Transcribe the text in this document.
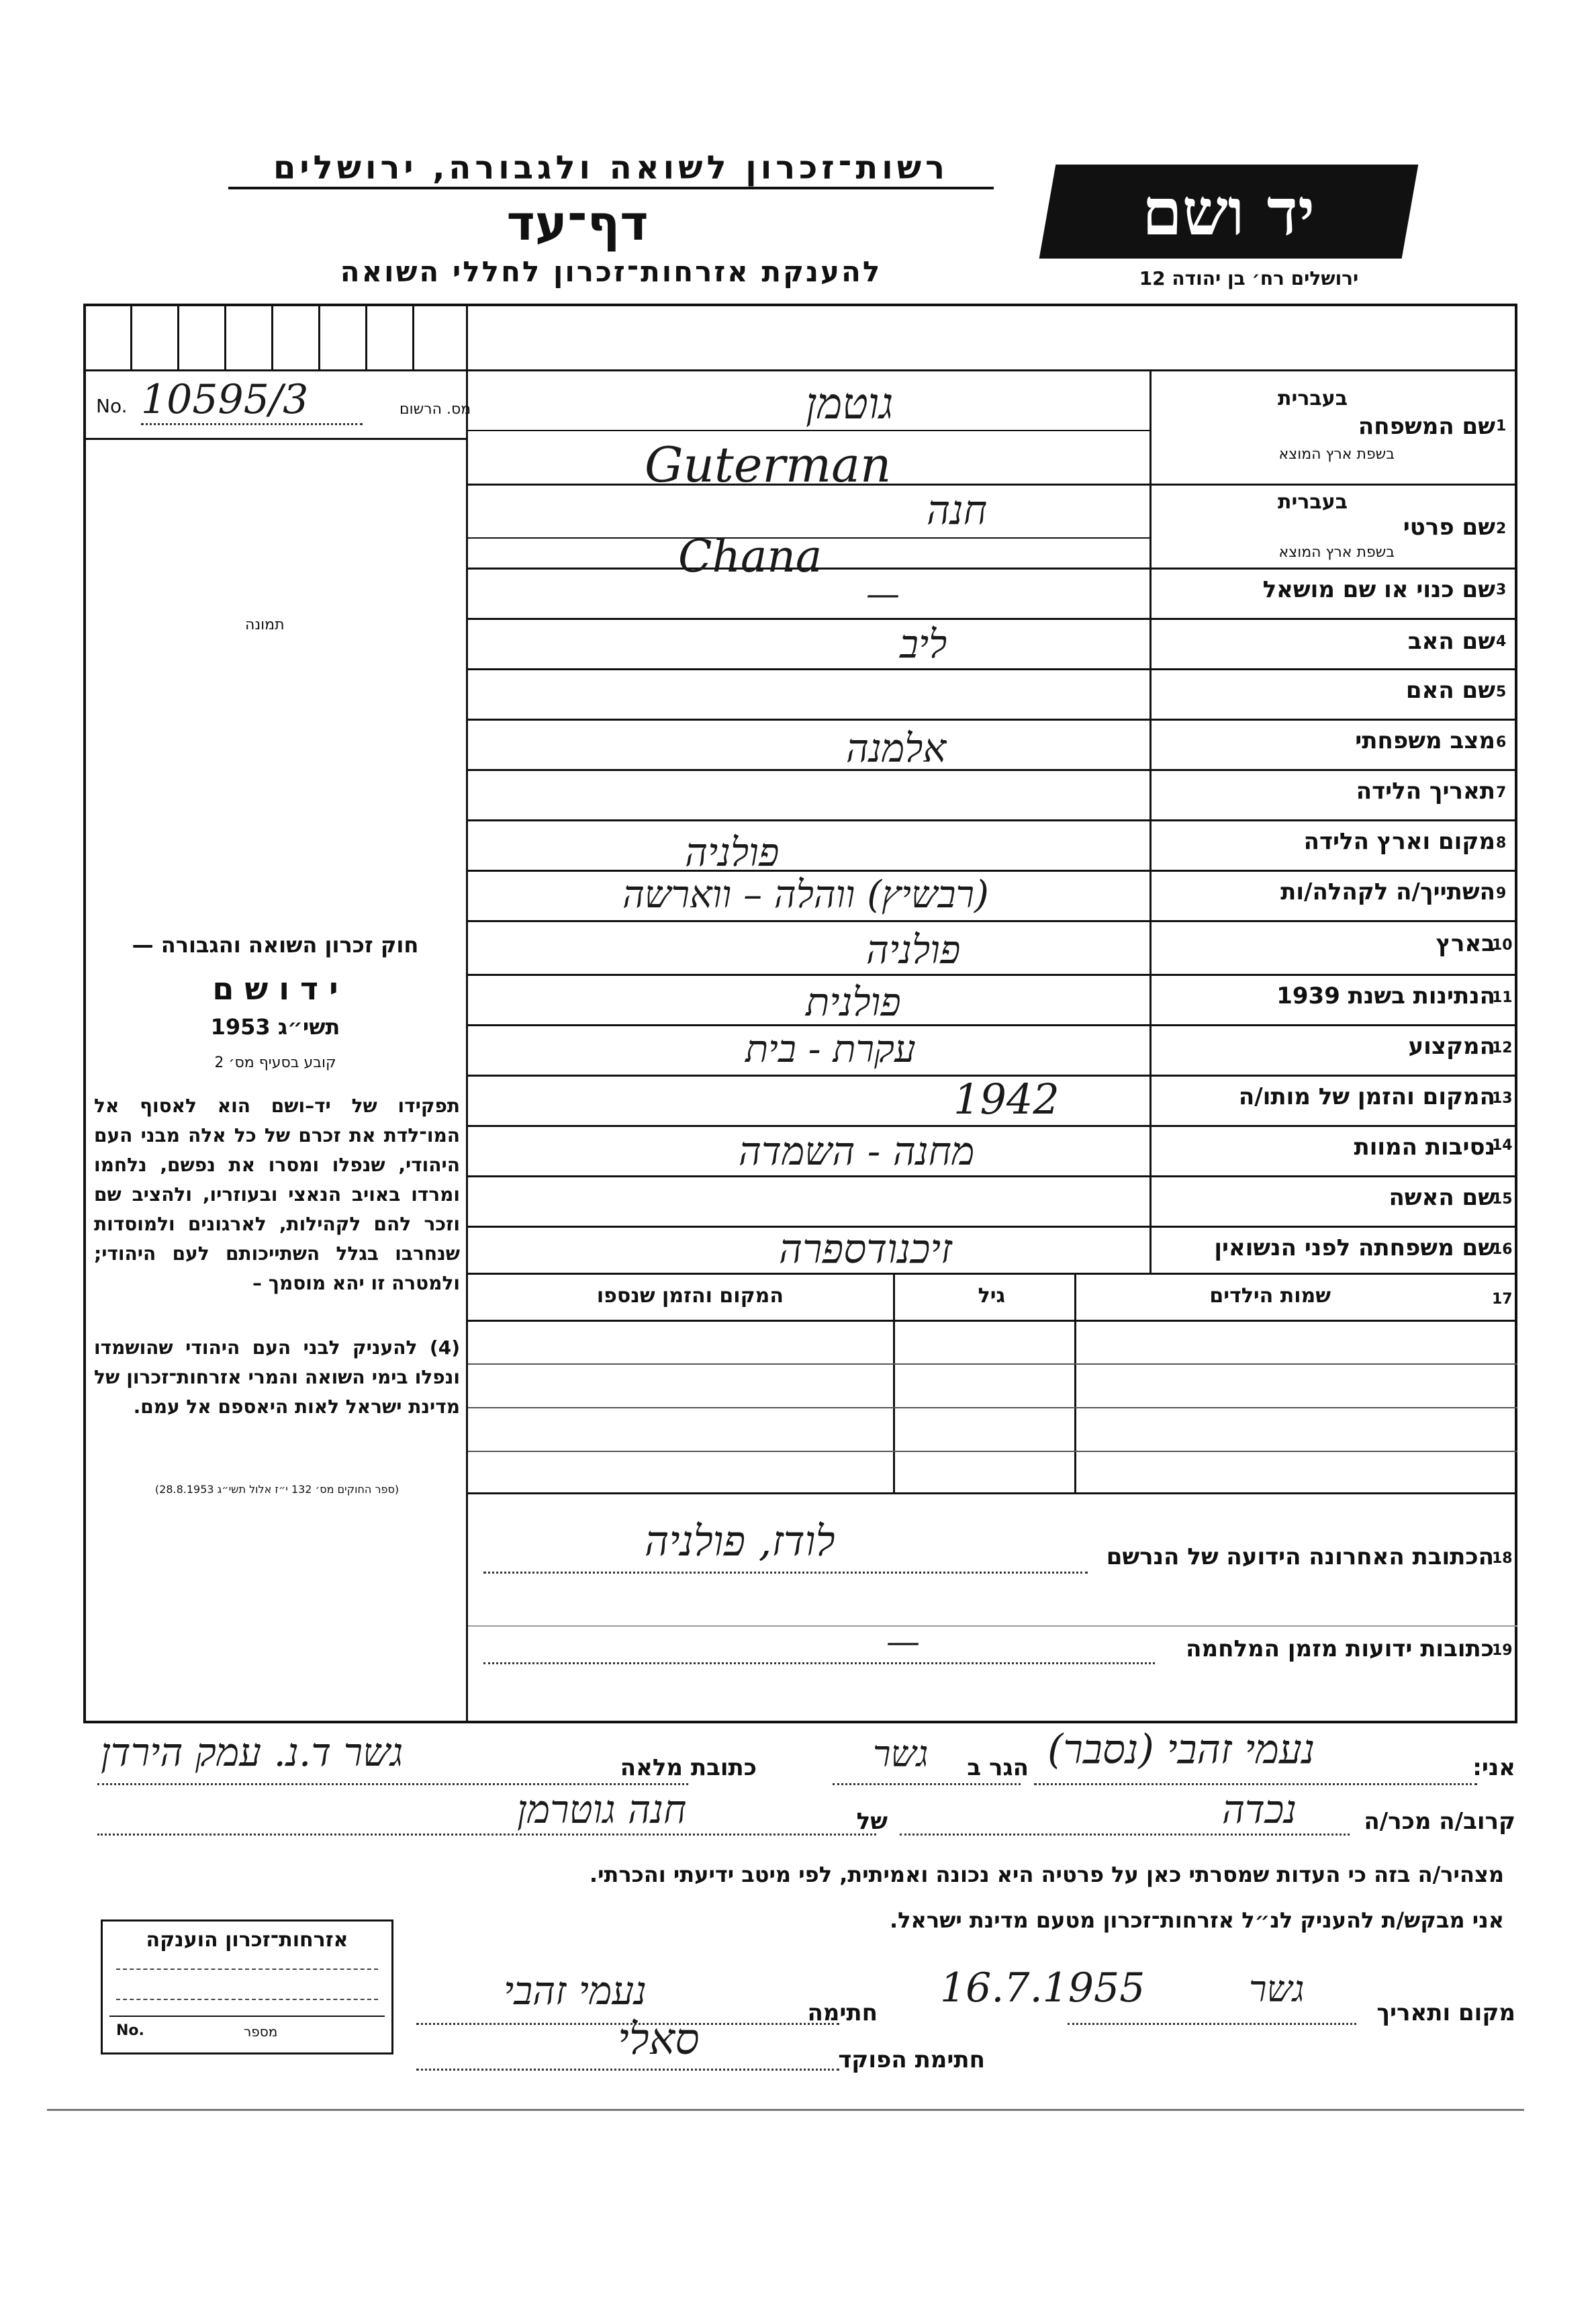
רשות־זכרון לשואה ולגבורה, ירושלים
דף־עד
להענקת אזרחות־זכרון לחללי השואה
יד ושם
ירושלים רח׳ בן יהודה 12
מס. הרשום
No. 10595/3
תמונה
בעברית
שם המשפחה 1
בשפת ארץ המוצא
גוטמן
Guterman
בעברית
שם פרטי 2
בשפת ארץ המוצא
חנה
Chana
שם כנוי או שם מושאל 3
—
שם האב 4
ליב
שם האם 5
מצב משפחתי 6
אלמנה
תאריך הלידה 7
מקום וארץ הלידה 8
פולניה
השתייך/ה לקהלה/ות 9
(רבשיץ) ווהלה – ווארשה
בארץ
10
פולניה
הנתינות בשנת 1939
11
פולנית
המקצוע
12
עקרת - בית
המקום והזמן של מותו/ה
13
1942
נסיבות המוות
14
מחנה - השמדה
שם האשה
15
שם משפחתה לפני הנשואין
16
זיכנודספרה
שמות הילדים
גיל
המקום והזמן שנספו	17
חוק זכרון השואה והגבורה —
י ד ו ש ם
תשי״ג 1953
קובע בסעיף מס׳ 2
תפקידו של יד–ושם הוא לאסוף אל המו־לדת את זכרם של כל אלה מבני העם היהודי, שנפלו ומסרו את נפשם, נלחמו ומרדו באויב הנאצי ובעוזריו, ולהציב שם וזכר להם לקהילות, לארגונים ולמוסדות שנחרבו בגלל השתייכותם לעם היהודי; ולמטרה זו יהא מוסמך –
(4) להעניק לבני העם היהודי שהושמדו ונפלו בימי השואה והמרי אזרחות־זכרון של מדינת ישראל לאות היאספם אל עמם.
(ספר החוקים מס׳ 132 י״ז אלול תשי״ג 28.8.1953)
הכתובת האחרונה הידועה של הנרשם
18
לודז, פולניה
כתובות ידועות מזמן המלחמה
19
—
אני:
נעמי זהבי (נסבר)
הגר ב
גשר
כתובת מלאה
גשר ד.נ. עמק הירדן
קרוב/ה מכר/ה
נכדה
של
חנה גוטרמן
מצהיר/ה בזה כי העדות שמסרתי כאן על פרטיה היא נכונה ואמיתית, לפי מיטב ידיעתי והכרתי.
אני מבקש/ת להעניק לנ״ל אזרחות־זכרון מטעם מדינת ישראל.
אזרחות־זכרון הוענקה
No.	מספר
מקום ותאריך
גשר
16.7.1955
חתימה
נעמי זהבי
חתימת הפוקד
סאלי
